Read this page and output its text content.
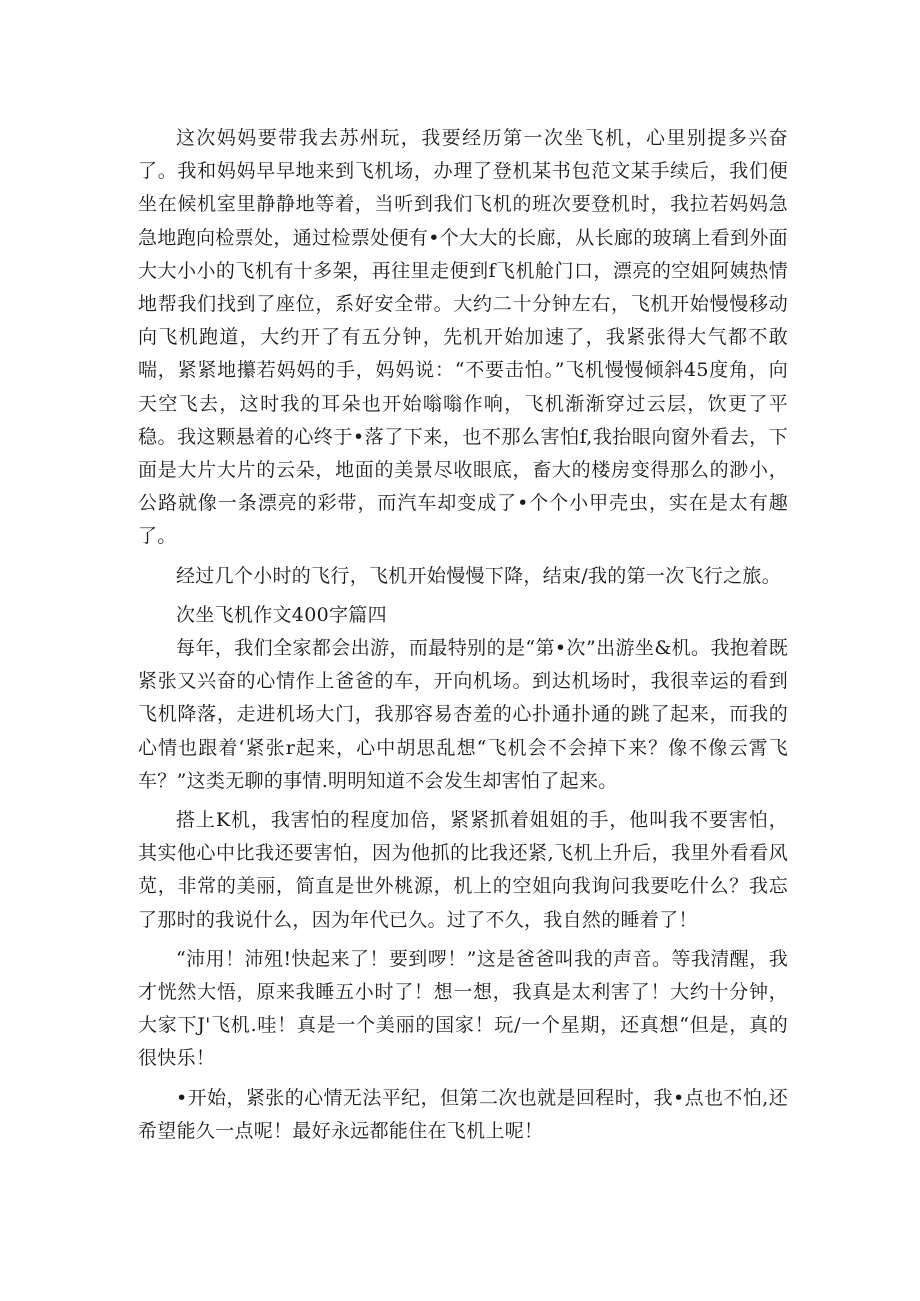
这次妈妈要带我去苏州玩，我要经历第一次坐飞机，心里别提多兴奋了。我和妈妈早早地来到飞机场，办理了登机某书包范文某手续后，我们便坐在候机室里静静地等着，当听到我们飞机的班次要登机时，我拉若妈妈急急地跑向检票处，通过检票处便有•个大大的长廊，从长廊的玻璃上看到外面大大小小的飞机有十多架，再往里走便到f飞机舱门口，漂亮的空姐阿姨热情地帮我们找到了座位，系好安全带。大约二十分钟左右，飞机开始慢慢移动向飞机跑道，大约开了有五分钟，先机开始加速了，我紧张得大气都不敢喘，紧紧地攥若妈妈的手，妈妈说：“不要击怕。”飞机慢慢倾斜45度角，向天空飞去，这时我的耳朵也开始嗡嗡作响，飞机渐渐穿过云层，饮更了平稳。我这颗悬着的心终于•落了下来，也不那么害怕f,我抬眼向窗外看去，下面是大片大片的云朵，地面的美景尽收眼底，畜大的楼房变得那么的渺小，公路就像一条漂亮的彩带，而汽车却变成了•个个小甲壳虫，实在是太有趣了。

经过几个小时的飞行，飞机开始慢慢下降，结束/我的第一次飞行之旅。

次坐飞机作文400字篇四

每年，我们全家都会出游，而最特别的是“第•次”出游坐&机。我抱着既紧张又兴奋的心情作上爸爸的车，开向机场。到达机场时，我很幸运的看到飞机降落，走进机场大门，我那容易杏羞的心扑通扑通的跳了起来，而我的心情也跟着‘紧张r起来，心中胡思乱想“飞机会不会掉下来？像不像云霄飞车？”这类无聊的事情.明明知道不会发生却害怕了起来。

搭上K机，我害怕的程度加倍，紧紧抓着姐姐的手，他叫我不要害怕，其实他心中比我还要害怕，因为他抓的比我还紧,飞机上升后，我里外看看风苋，非常的美丽，简直是世外桃源，机上的空姐向我询问我要吃什么？我忘了那时的我说什么，因为年代已久。过了不久，我自然的睡着了！

“沛用！沛殂!快起来了！要到啰！”这是爸爸叫我的声音。等我清醒，我才恍然大悟，原来我睡五小时了！想一想，我真是太利害了！大约十分钟，大家下J'飞机.哇！真是一个美丽的国家！玩/一个星期，还真想“但是，真的很快乐！

•开始，紧张的心情无法平纪，但第二次也就是回程时，我•点也不怕,还希望能久一点呢！最好永远都能住在飞机上呢！
